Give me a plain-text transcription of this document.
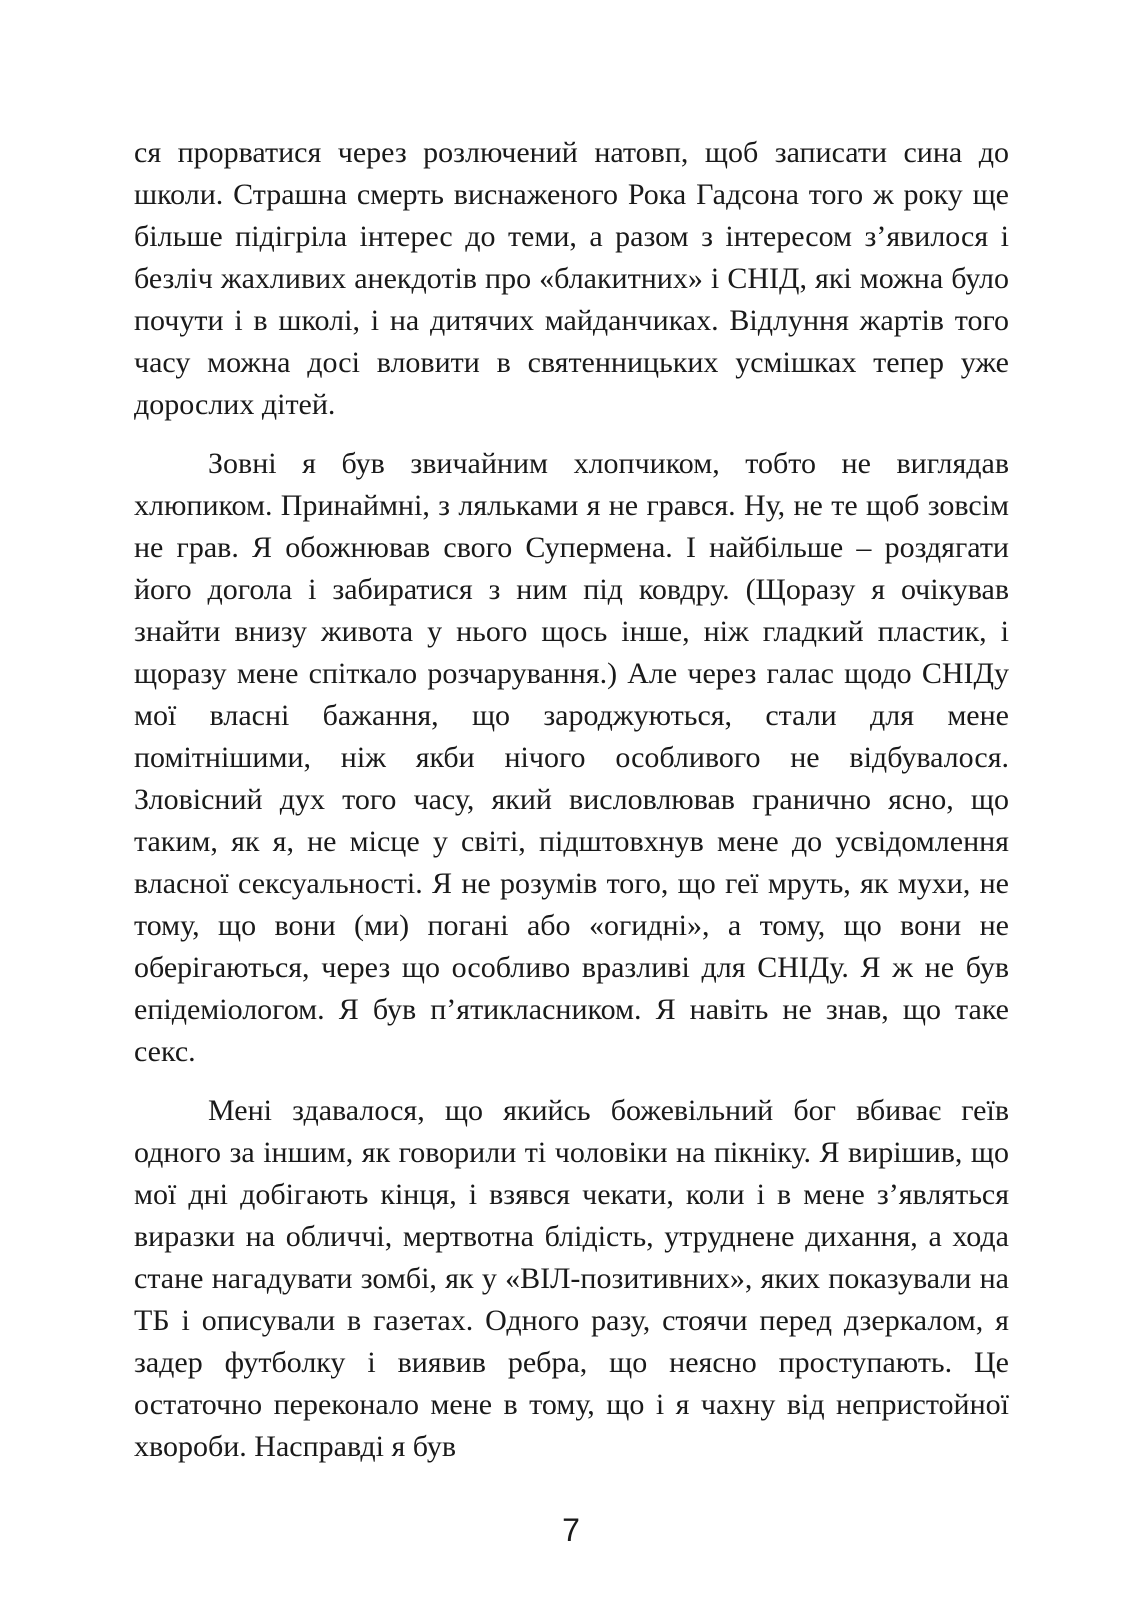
ся прорватися через розлючений натовп, щоб записати сина до школи. Страшна смерть виснаженого Рока Гадсона того ж року ще більше підігріла інтерес до теми, а разом з інтересом з’явилося і безліч жахливих анекдотів про «блакитних» і СНІД, які можна було почути і в школі, і на дитячих майданчиках. Відлуння жартів того часу можна досі вловити в святенницьких усмішках тепер уже дорослих дітей.

Зовні я був звичайним хлопчиком, тобто не виглядав хлюпиком. Принаймні, з ляльками я не грався. Ну, не те щоб зовсім не грав. Я обожнював свого Супермена. І найбільше – роздягати його догола і забиратися з ним під ковдру. (Щоразу я очікував знайти внизу живота у нього щось інше, ніж гладкий пластик, і щоразу мене спіткало розчарування.) Але через галас щодо СНІДу мої власні бажання, що зароджуються, стали для мене помітнішими, ніж якби нічого особливого не відбувалося. Зловісний дух того часу, який висловлював гранично ясно, що таким, як я, не місце у світі, підштовхнув мене до усвідомлення власної сексуальності. Я не розумів того, що геї мруть, як мухи, не тому, що вони (ми) погані або «огидні», а тому, що вони не оберігаються, через що особливо вразливі для СНІДу. Я ж не був епідеміологом. Я був п’ятикласником. Я навіть не знав, що таке секс.

Мені здавалося, що якийсь божевільний бог вбиває геїв одного за іншим, як говорили ті чоловіки на пікніку. Я вирішив, що мої дні добігають кінця, і взявся чекати, коли і в мене з’являться виразки на обличчі, мертвотна блідість, утруднене дихання, а хода стане нагадувати зомбі, як у «ВІЛ-позитивних», яких показували на ТБ і описували в газетах. Одного разу, стоячи перед дзеркалом, я задер футболку і виявив ребра, що неясно проступають. Це остаточно переконало мене в тому, що і я чахну від непристойної хвороби. Насправді я був

7
